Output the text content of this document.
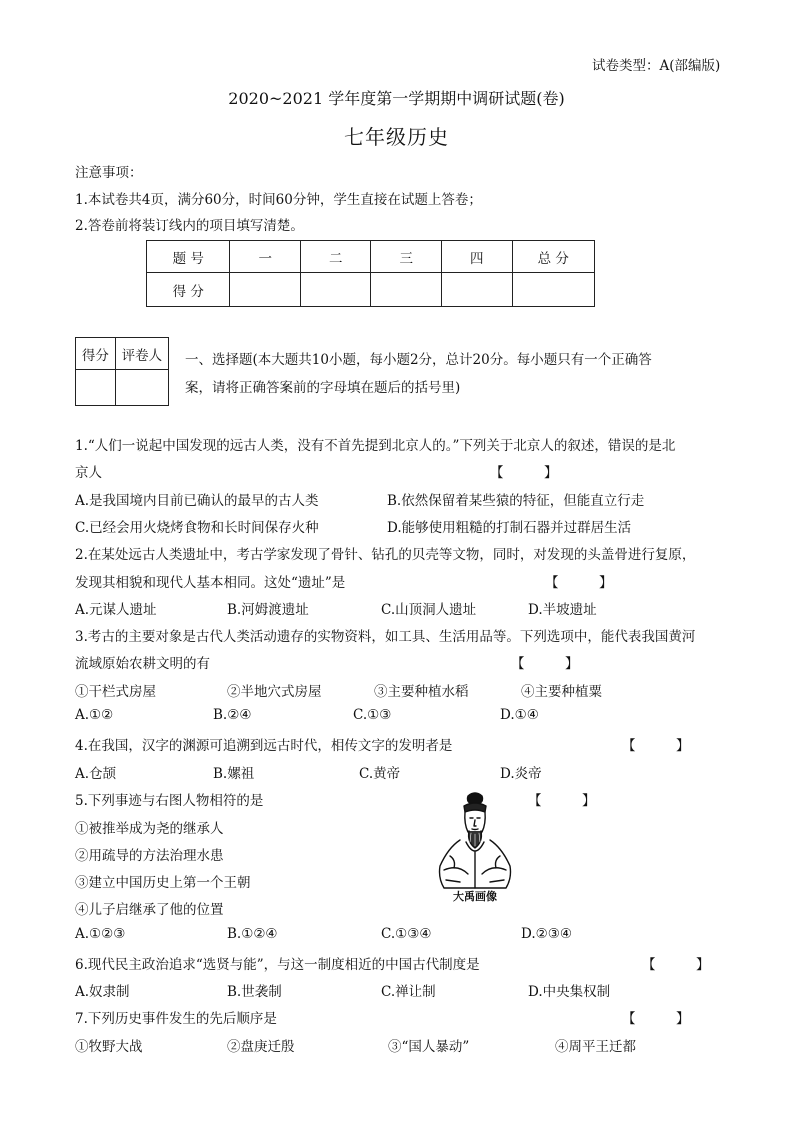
试卷类型：A(部编版)
2020~2021 学年度第一学期期中调研试题(卷)
七年级历史
注意事项：
1.本试卷共4页，满分60分，时间60分钟，学生直接在试题上答卷；
2.答卷前将装订线内的项目填写清楚。
题 号	一	二	三	四	总 分
得 分					
得分	评卷人
	一、选择题(本大题共10小题，每小题2分，总计20分。每小题只有一个正确答
案，请将正确答案前的字母填在题后的括号里)
1.“人们一说起中国发现的远古人类，没有不首先提到北京人的。”下列关于北京人的叙述，错误的是北
京人	【　　　】
A.是我国境内目前已确认的最早的古人类	B.依然保留着某些猿的特征，但能直立行走
C.已经会用火烧烤食物和长时间保存火种	D.能够使用粗糙的打制石器并过群居生活
2.在某处远古人类遗址中，考古学家发现了骨针、钻孔的贝壳等文物，同时，对发现的头盖骨进行复原，
发现其相貌和现代人基本相同。这处“遗址”是	【　　　】
A.元谋人遗址	B.河姆渡遗址	C.山顶洞人遗址	D.半坡遗址
3.考古的主要对象是古代人类活动遗存的实物资料，如工具、生活用品等。下列选项中，能代表我国黄河
流域原始农耕文明的有	【　　　】
①干栏式房屋	②半地穴式房屋	③主要种植水稻	④主要种植粟
A.①②	B.②④	C.①③	D.①④
4.在我国，汉字的渊源可追溯到远古时代，相传文字的发明者是	【　　　】
A.仓颉	B.嫘祖	C.黄帝	D.炎帝
5.下列事迹与右图人物相符的是	【　　　】
①被推举成为尧的继承人
②用疏导的方法治理水患
③建立中国历史上第一个王朝
④儿子启继承了他的位置
大禹画像
A.①②③	B.①②④	C.①③④	D.②③④
6.现代民主政治追求“选贤与能”，与这一制度相近的中国古代制度是	【　　　】
A.奴隶制	B.世袭制	C.禅让制	D.中央集权制
7.下列历史事件发生的先后顺序是	【　　　】
①牧野大战	②盘庚迁殷	③“国人暴动”	④周平王迁都
